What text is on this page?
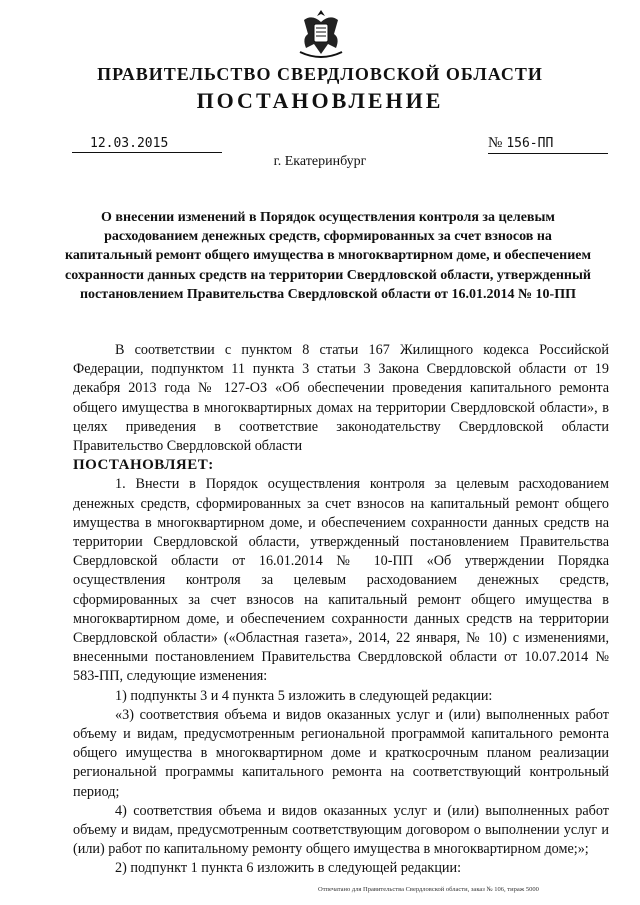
ПРАВИТЕЛЬСТВО СВЕРДЛОВСКОЙ ОБЛАСТИ
ПОСТАНОВЛЕНИЕ
12.03.2015	№ 156-ПП
г. Екатеринбург
О внесении изменений в Порядок осуществления контроля за целевым расходованием денежных средств, сформированных за счет взносов на капитальный ремонт общего имущества в многоквартирном доме, и обеспечением сохранности данных средств на территории Свердловской области, утвержденный постановлением Правительства Свердловской области от 16.01.2014 № 10-ПП

В соответствии с пунктом 8 статьи 167 Жилищного кодекса Российской Федерации, подпунктом 11 пункта 3 статьи 3 Закона Свердловской области от 19 декабря 2013 года № 127-ОЗ «Об обеспечении проведения капитального ремонта общего имущества в многоквартирных домах на территории Свердловской области», в целях приведения в соответствие законодательству Свердловской области Правительство Свердловской области

ПОСТАНОВЛЯЕТ:

1. Внести в Порядок осуществления контроля за целевым расходованием денежных средств, сформированных за счет взносов на капитальный ремонт общего имущества в многоквартирном доме, и обеспечением сохранности данных средств на территории Свердловской области, утвержденный постановлением Правительства Свердловской области от 16.01.2014 № 10-ПП «Об утверждении Порядка осуществления контроля за целевым расходованием денежных средств, сформированных за счет взносов на капитальный ремонт общего имущества в многоквартирном доме, и обеспечением сохранности данных средств на территории Свердловской области» («Областная газета», 2014, 22 января, № 10) с изменениями, внесенными постановлением Правительства Свердловской области от 10.07.2014 № 583-ПП, следующие изменения:

1) подпункты 3 и 4 пункта 5 изложить в следующей редакции:

«3) соответствия объема и видов оказанных услуг и (или) выполненных работ объему и видам, предусмотренным региональной программой капитального ремонта общего имущества в многоквартирном доме и краткосрочным планом реализации региональной программы капитального ремонта на соответствующий контрольный период;

4) соответствия объема и видов оказанных услуг и (или) выполненных работ объему и видам, предусмотренным соответствующим договором о выполнении услуг и (или) работ по капитальному ремонту общего имущества в многоквартирном доме;»;

2) подпункт 1 пункта 6 изложить в следующей редакции:

Отпечатано для Правительства Свердловской области, заказ № 106, тираж 5000
